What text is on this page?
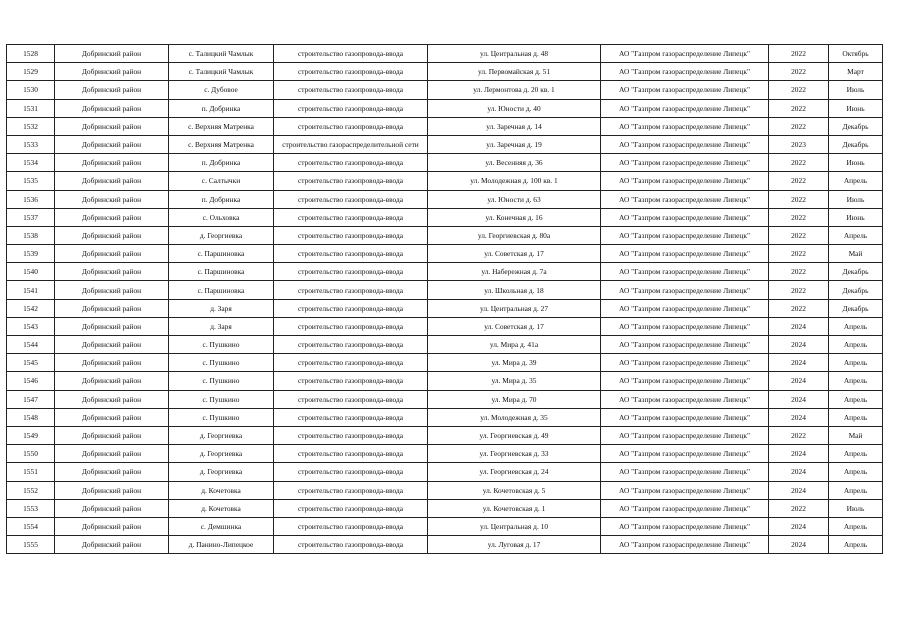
1528	Добринский район	с. Талицкий Чамлык	строительство газопровода-ввода	ул. Центральная д. 48	АО "Газпром газораспределение Липецк"	2022	Октябрь
1529	Добринский район	с. Талицкий Чамлык	строительство газопровода-ввода	ул. Первомайская д. 51	АО "Газпром газораспределение Липецк"	2022	Март
1530	Добринский район	с. Дубовое	строительство газопровода-ввода	ул. Лермонтова д. 20 кв. 1	АО "Газпром газораспределение Липецк"	2022	Июль
1531	Добринский район	п. Добринка	строительство газопровода-ввода	ул. Юности д. 40	АО "Газпром газораспределение Липецк"	2022	Июнь
1532	Добринский район	с. Верхняя Матренка	строительство газопровода-ввода	ул. Заречная д. 14	АО "Газпром газораспределение Липецк"	2022	Декабрь
1533	Добринский район	с. Верхняя Матренка	строительство газораспределительной сети	ул. Заречная д. 19	АО "Газпром газораспределение Липецк"	2023	Декабрь
1534	Добринский район	п. Добринка	строительство газопровода-ввода	ул. Весенняя д. 36	АО "Газпром газораспределение Липецк"	2022	Июнь
1535	Добринский район	с. Салтычки	строительство газопровода-ввода	ул. Молодежная д. 100 кв. 1	АО "Газпром газораспределение Липецк"	2022	Апрель
1536	Добринский район	п. Добринка	строительство газопровода-ввода	ул. Юности д. 63	АО "Газпром газораспределение Липецк"	2022	Июль
1537	Добринский район	с. Ольховка	строительство газопровода-ввода	ул. Конечная д. 16	АО "Газпром газораспределение Липецк"	2022	Июнь
1538	Добринский район	д. Георгиевка	строительство газопровода-ввода	ул. Георгиевская д. 80а	АО "Газпром газораспределение Липецк"	2022	Апрель
1539	Добринский район	с. Паршиновка	строительство газопровода-ввода	ул. Советская д. 17	АО "Газпром газораспределение Липецк"	2022	Май
1540	Добринский район	с. Паршиновка	строительство газопровода-ввода	ул. Набережная д. 7а	АО "Газпром газораспределение Липецк"	2022	Декабрь
1541	Добринский район	с. Паршиновка	строительство газопровода-ввода	ул. Школьная д. 18	АО "Газпром газораспределение Липецк"	2022	Декабрь
1542	Добринский район	д. Заря	строительство газопровода-ввода	ул. Центральная д. 27	АО "Газпром газораспределение Липецк"	2022	Декабрь
1543	Добринский район	д. Заря	строительство газопровода-ввода	ул. Советская д. 17	АО "Газпром газораспределение Липецк"	2024	Апрель
1544	Добринский район	с. Пушкино	строительство газопровода-ввода	ул. Мира д. 41а	АО "Газпром газораспределение Липецк"	2024	Апрель
1545	Добринский район	с. Пушкино	строительство газопровода-ввода	ул. Мира д. 39	АО "Газпром газораспределение Липецк"	2024	Апрель
1546	Добринский район	с. Пушкино	строительство газопровода-ввода	ул. Мира д. 35	АО "Газпром газораспределение Липецк"	2024	Апрель
1547	Добринский район	с. Пушкино	строительство газопровода-ввода	ул. Мира д. 70	АО "Газпром газораспределение Липецк"	2024	Апрель
1548	Добринский район	с. Пушкино	строительство газопровода-ввода	ул. Молодежная д. 35	АО "Газпром газораспределение Липецк"	2024	Апрель
1549	Добринский район	д. Георгиевка	строительство газопровода-ввода	ул. Георгиевская д. 49	АО "Газпром газораспределение Липецк"	2022	Май
1550	Добринский район	д. Георгиевка	строительство газопровода-ввода	ул. Георгиевская д. 33	АО "Газпром газораспределение Липецк"	2024	Апрель
1551	Добринский район	д. Георгиевка	строительство газопровода-ввода	ул. Георгиевская д. 24	АО "Газпром газораспределение Липецк"	2024	Апрель
1552	Добринский район	д. Кочетовка	строительство газопровода-ввода	ул. Кочетовская д. 5	АО "Газпром газораспределение Липецк"	2024	Апрель
1553	Добринский район	д. Кочетовка	строительство газопровода-ввода	ул. Кочетовская д. 1	АО "Газпром газораспределение Липецк"	2022	Июль
1554	Добринский район	с. Демшинка	строительство газопровода-ввода	ул. Центральная д. 10	АО "Газпром газораспределение Липецк"	2024	Апрель
1555	Добринский район	д. Панино-Липецкое	строительство газопровода-ввода	ул. Луговая д. 17	АО "Газпром газораспределение Липецк"	2024	Апрель
